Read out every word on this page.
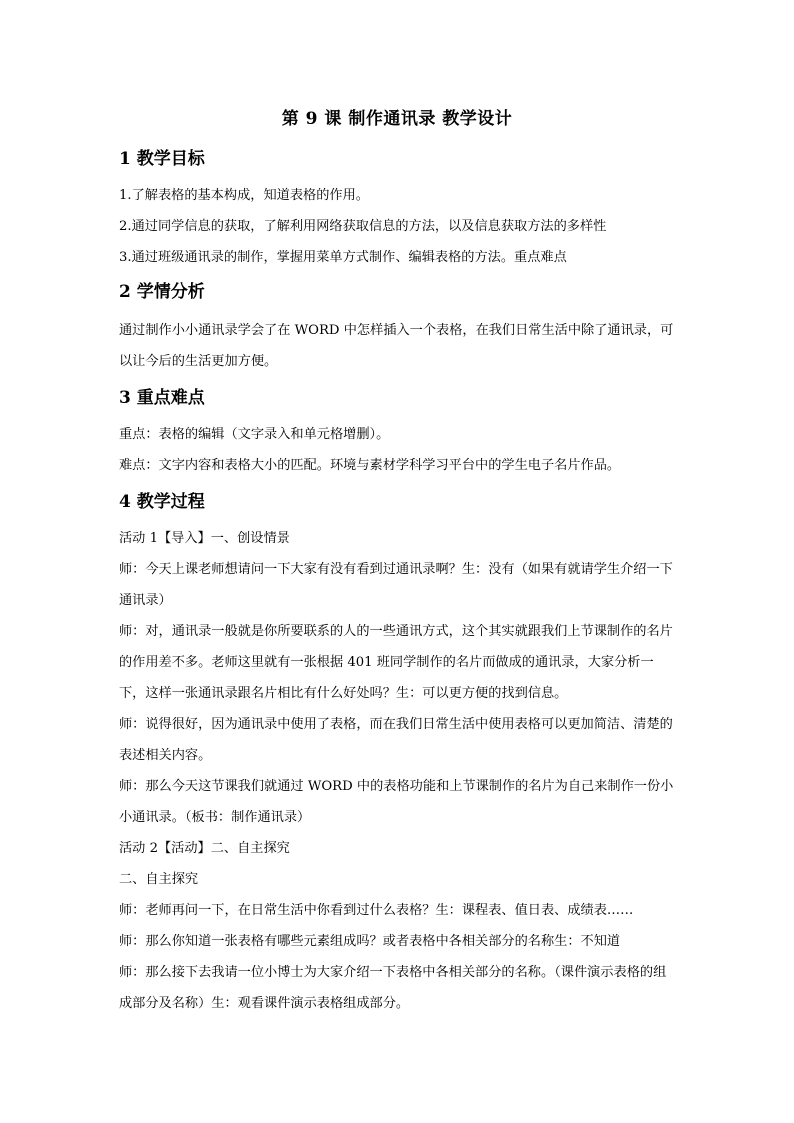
第 9 课 制作通讯录 教学设计
1 教学目标

1.了解表格的基本构成，知道表格的作用。

2.通过同学信息的获取，了解利用网络获取信息的方法，以及信息获取方法的多样性

3.通过班级通讯录的制作，掌握用菜单方式制作、编辑表格的方法。重点难点

2 学情分析

通过制作小小通讯录学会了在 WORD 中怎样插入一个表格，在我们日常生活中除了通讯录，可以让今后的生活更加方便。

3 重点难点

重点：表格的编辑（文字录入和单元格增删）。

难点：文字内容和表格大小的匹配。环境与素材学科学习平台中的学生电子名片作品。

4 教学过程

活动 1【导入】一、创设情景

师：今天上课老师想请问一下大家有没有看到过通讯录啊？生：没有（如果有就请学生介绍一下通讯录）

师：对，通讯录一般就是你所要联系的人的一些通讯方式，这个其实就跟我们上节课制作的名片的作用差不多。老师这里就有一张根据 401 班同学制作的名片而做成的通讯录，大家分析一下，这样一张通讯录跟名片相比有什么好处吗？生：可以更方便的找到信息。

师：说得很好，因为通讯录中使用了表格，而在我们日常生活中使用表格可以更加简洁、清楚的表述相关内容。

师：那么今天这节课我们就通过 WORD 中的表格功能和上节课制作的名片为自己来制作一份小小通讯录。（板书：制作通讯录）

活动 2【活动】二、自主探究

二、自主探究

师：老师再问一下，在日常生活中你看到过什么表格？生：课程表、值日表、成绩表……

师：那么你知道一张表格有哪些元素组成吗？或者表格中各相关部分的名称生：不知道

师：那么接下去我请一位小博士为大家介绍一下表格中各相关部分的名称。（课件演示表格的组成部分及名称）生：观看课件演示表格组成部分。
